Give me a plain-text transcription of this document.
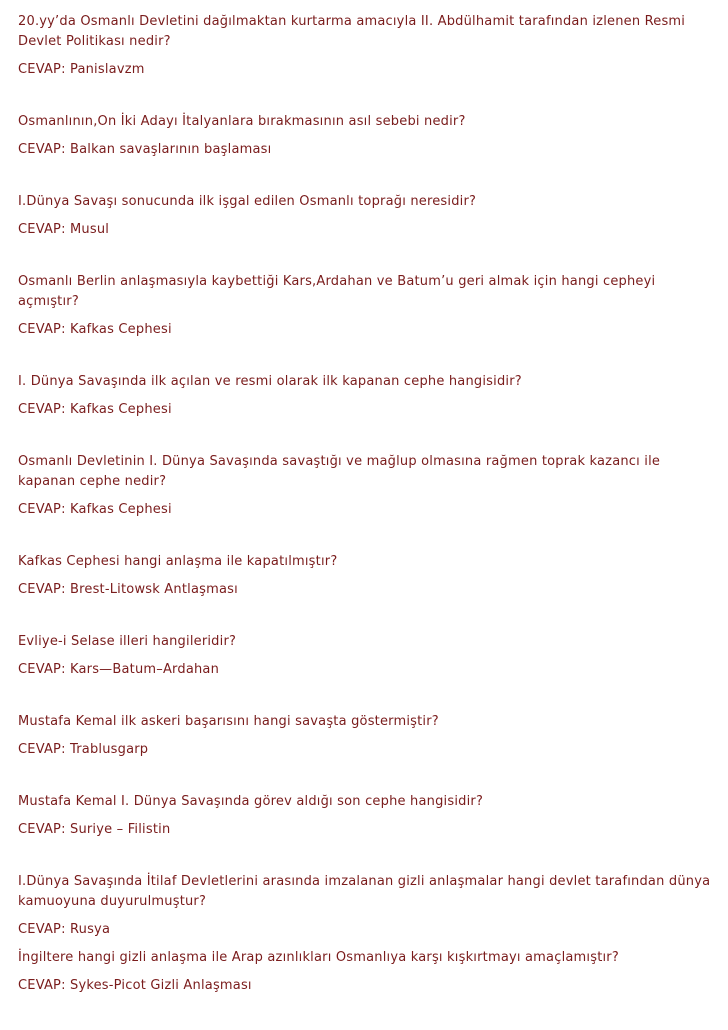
20.yy’da Osmanlı Devletini dağılmaktan kurtarma amacıyla II. Abdülhamit tarafından izlenen Resmi Devlet Politikası nedir?

CEVAP: Panislavzm

Osmanlının,On İki Adayı İtalyanlara bırakmasının asıl sebebi nedir?

CEVAP: Balkan savaşlarının başlaması

I.Dünya Savaşı sonucunda ilk işgal edilen Osmanlı toprağı neresidir?

CEVAP: Musul

Osmanlı Berlin anlaşmasıyla kaybettiği Kars,Ardahan ve Batum’u geri almak için hangi cepheyi açmıştır?

CEVAP: Kafkas Cephesi

I. Dünya Savaşında ilk açılan ve resmi olarak ilk kapanan cephe hangisidir?

CEVAP: Kafkas Cephesi

Osmanlı Devletinin I. Dünya Savaşında savaştığı ve mağlup olmasına rağmen toprak kazancı ile kapanan cephe nedir?

CEVAP: Kafkas Cephesi

Kafkas Cephesi hangi anlaşma ile kapatılmıştır?

CEVAP: Brest-Litowsk Antlaşması

Evliye-i Selase illeri hangileridir?

CEVAP: Kars—Batum–Ardahan

Mustafa Kemal ilk askeri başarısını hangi savaşta göstermiştir?

CEVAP: Trablusgarp

Mustafa Kemal I. Dünya Savaşında görev aldığı son cephe hangisidir?

CEVAP: Suriye – Filistin

I.Dünya Savaşında İtilaf Devletlerini arasında imzalanan gizli anlaşmalar hangi devlet tarafından dünya kamuoyuna duyurulmuştur?

CEVAP: Rusya

İngiltere hangi gizli anlaşma ile Arap azınlıkları Osmanlıya karşı kışkırtmayı amaçlamıştır?

CEVAP: Sykes-Picot Gizli Anlaşması
